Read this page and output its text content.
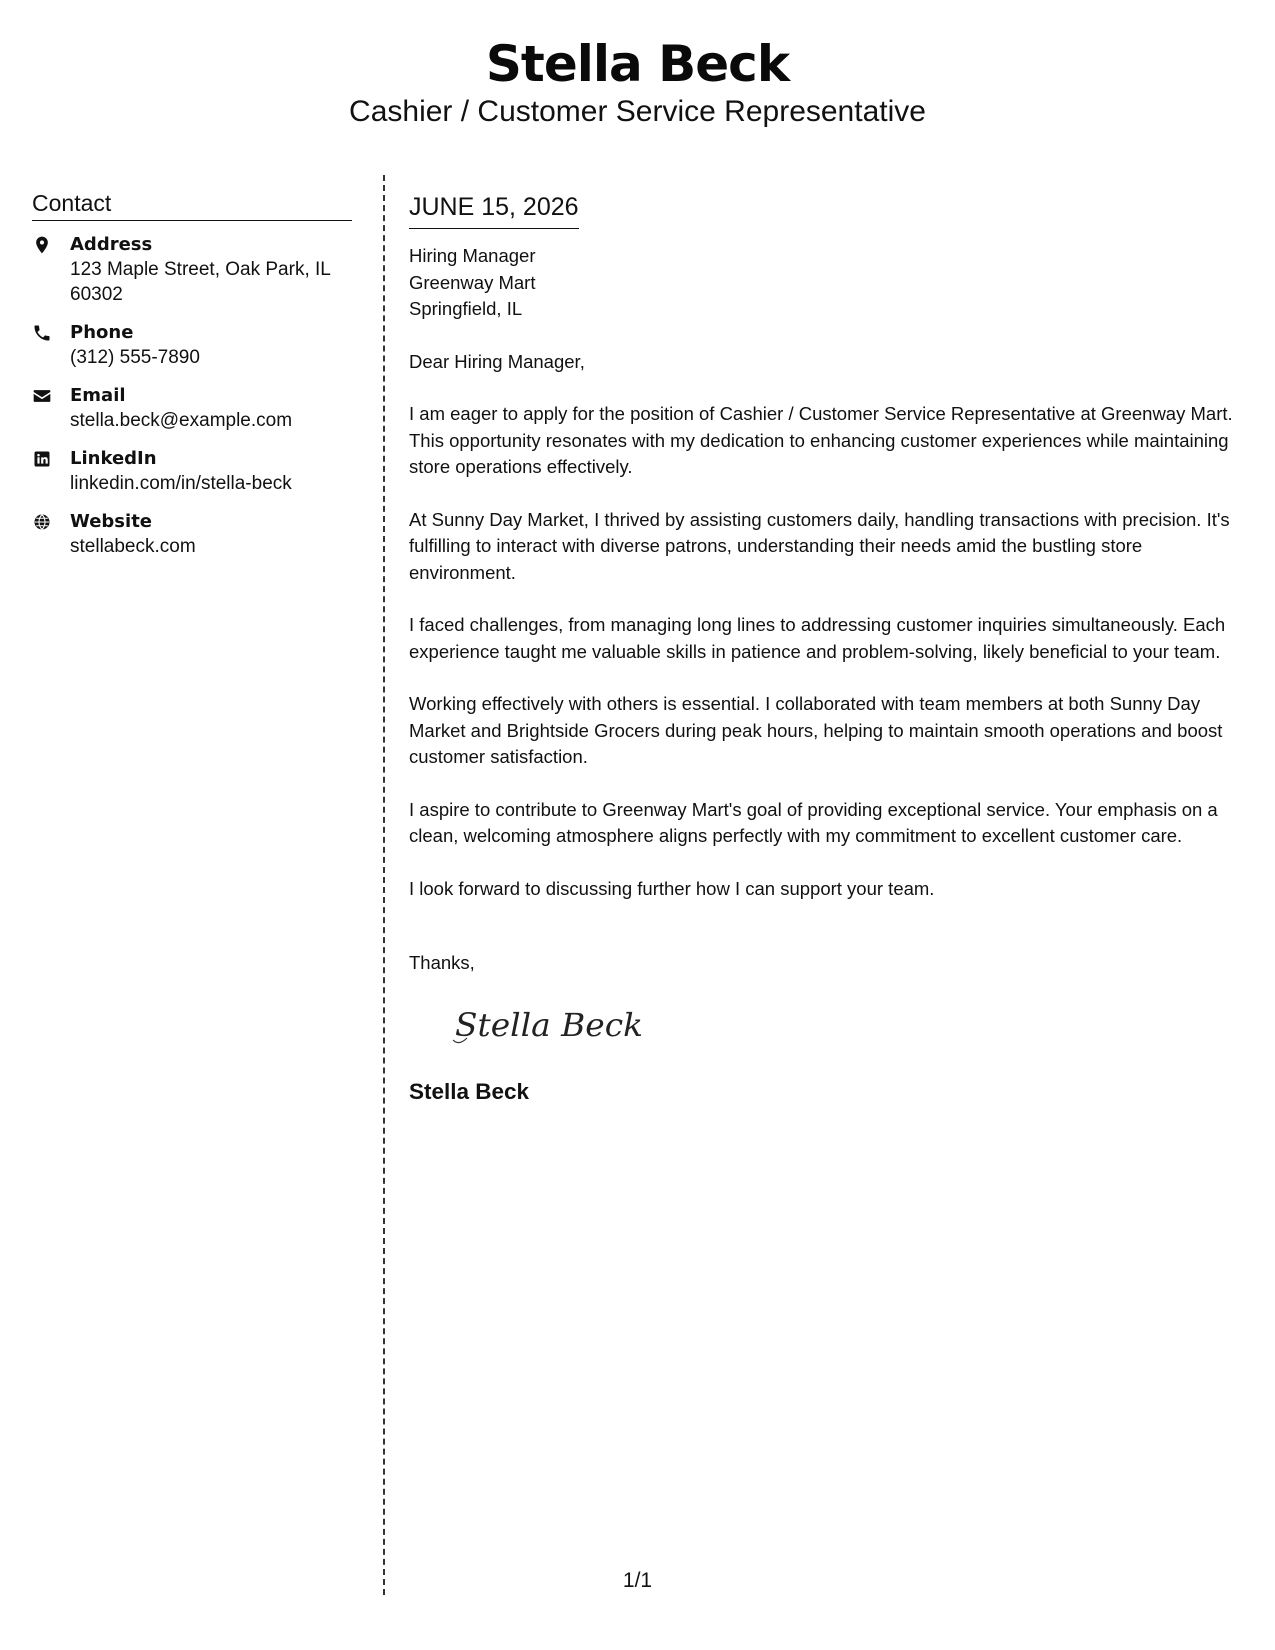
Stella Beck
Cashier / Customer Service Representative
Contact
Address
123 Maple Street, Oak Park, IL 60302
Phone
(312) 555-7890
Email
stella.beck@example.com
LinkedIn
linkedin.com/in/stella-beck
Website
stellabeck.com
JUNE 15, 2026
Hiring Manager
Greenway Mart
Springfield, IL

Dear Hiring Manager,

I am eager to apply for the position of Cashier / Customer Service Representative at Greenway Mart. This opportunity resonates with my dedication to enhancing customer experiences while maintaining store operations effectively.

At Sunny Day Market, I thrived by assisting customers daily, handling transactions with precision. It's fulfilling to interact with diverse patrons, understanding their needs amid the bustling store environment.

I faced challenges, from managing long lines to addressing customer inquiries simultaneously. Each experience taught me valuable skills in patience and problem-solving, likely beneficial to your team.

Working effectively with others is essential. I collaborated with team members at both Sunny Day Market and Brightside Grocers during peak hours, helping to maintain smooth operations and boost customer satisfaction.

I aspire to contribute to Greenway Mart's goal of providing exceptional service. Your emphasis on a clean, welcoming atmosphere aligns perfectly with my commitment to excellent customer care.

I look forward to discussing further how I can support your team.

Thanks,
Stella Beck
Stella Beck
1/1
